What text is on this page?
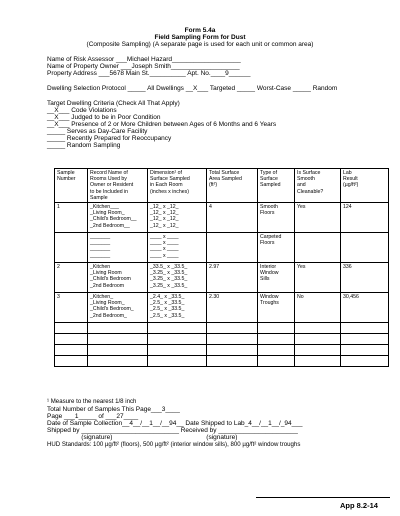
Form 5.4a
Field Sampling Form for Dust
(Composite Sampling) (A separate page is used for each unit or common area)
Name of Risk Assessor ___Michael Hazard___________________
Name of Property Owner ___Joseph Smith___________________
Property Address ___5678 Main St.__________ Apt. No.____9______
Dwelling Selection Protocol _____ All Dwellings __X___ Targeted _____ Worst-Case _____ Random
Target Dwelling Criteria (Check All That Apply)
__X___ Code Violations
__X___ Judged to be in Poor Condition
__X___ Presence of 2 or More Children between Ages of 6 Months and 6 Years
_____ Serves as Day-Care Facility
_____ Recently Prepared for Reoccupancy
_____ Random Sampling
Sample
Number	Record Name of
Rooms Used by
Owner or Resident
to be Included in
Sample	Dimension¹ of
Surface Sampled
in Each Room
(inches x inches)	Total Surface
Area Sampled
(ft²)	Type of
Surface
Sampled	Is Surface
Smooth
and
Cleanable?	Lab
Result
(µg/ft²)

1	_Kitchen___
_Living Room_
_Child's Bedroom__
_2nd Bedroom__	_12_ x _12_
_12_ x _12_
_12_ x _12_
_12_ x _12_	4	Smooth
Floors	Yes	124

	_______
_______
_______
_______	____ x ____
____ x ____
____ x ____
____ x ____		Carpeted
Floors		

2	_Kitchen
_Living Room
_Child's Bedroom
_2nd Bedroom	_33.5_ x _33.5_
_3.25_ x _33.5_
_3.25_ x _33.5_
_3.25_ x _33.5_	2.97	Interior
Window
Sills	Yes	336

3	_Kitchen_
_Living Room_
_Child's Bedroom_
_2nd Bedroom_	_2.4_ x _33.5_
_2.5_ x _33.5_
_2.5_ x _33.5_
_2.5_ x _33.5_	2.30	Window
Troughs	No	30,456

¹ Measure to the nearest 1/8 inch
Total Number of Samples This Page___3____
Page ___1_____ of ___27____
Date of Sample Collection__4__/__1__/__94__ Date Shipped to Lab_4__/__1__/_94___
Shipped by ___________________________ Received by ______________________
(signature)                                                    (signature)
HUD Standards: 100 µg/ft² (floors), 500 µg/ft² (interior window sills), 800 µg/ft² window troughs
App 8.2-14
